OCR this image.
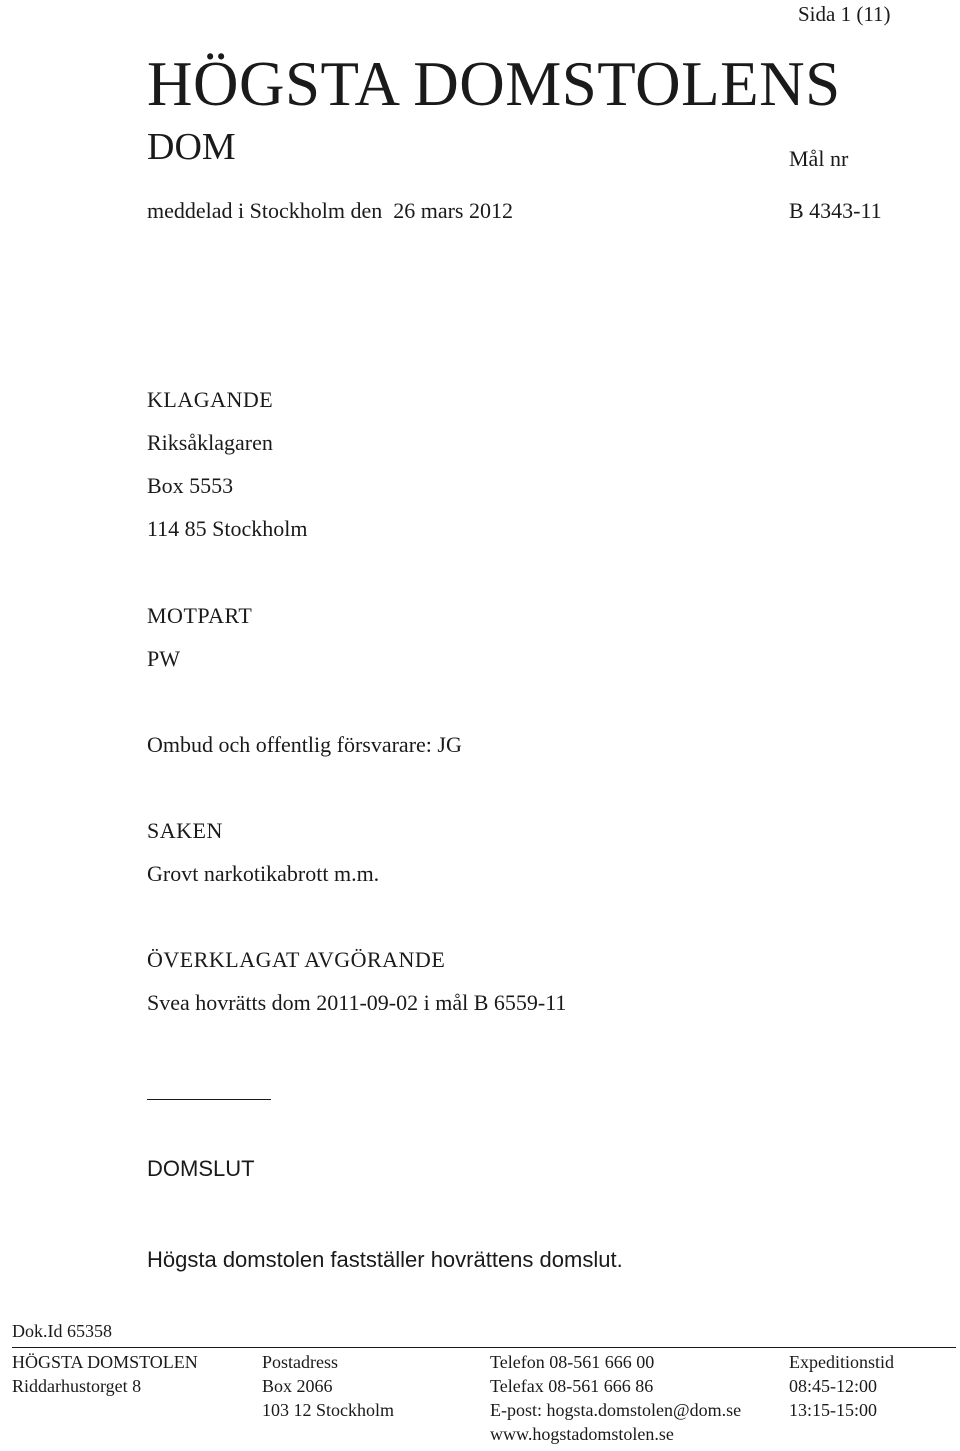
Sida 1 (11)
HÖGSTA DOMSTOLENS
DOM	Mål nr
meddelad i Stockholm den  26 mars 2012	B 4343-11
KLAGANDE
Riksåklagaren
Box 5553
114 85 Stockholm
MOTPART
PW
Ombud och offentlig försvarare: JG
SAKEN
Grovt narkotikabrott m.m.
ÖVERKLAGAT AVGÖRANDE
Svea hovrätts dom 2011-09-02 i mål B 6559-11
DOMSLUT
Högsta domstolen fastställer hovrättens domslut.
Dok.Id 65358
HÖGSTA DOMSTOLEN
Riddarhustorget 8
Postadress
Box 2066
103 12 Stockholm
Telefon 08-561 666 00
Telefax 08-561 666 86
E-post: hogsta.domstolen@dom.se
www.hogstadomstolen.se
Expeditionstid
08:45-12:00
13:15-15:00
